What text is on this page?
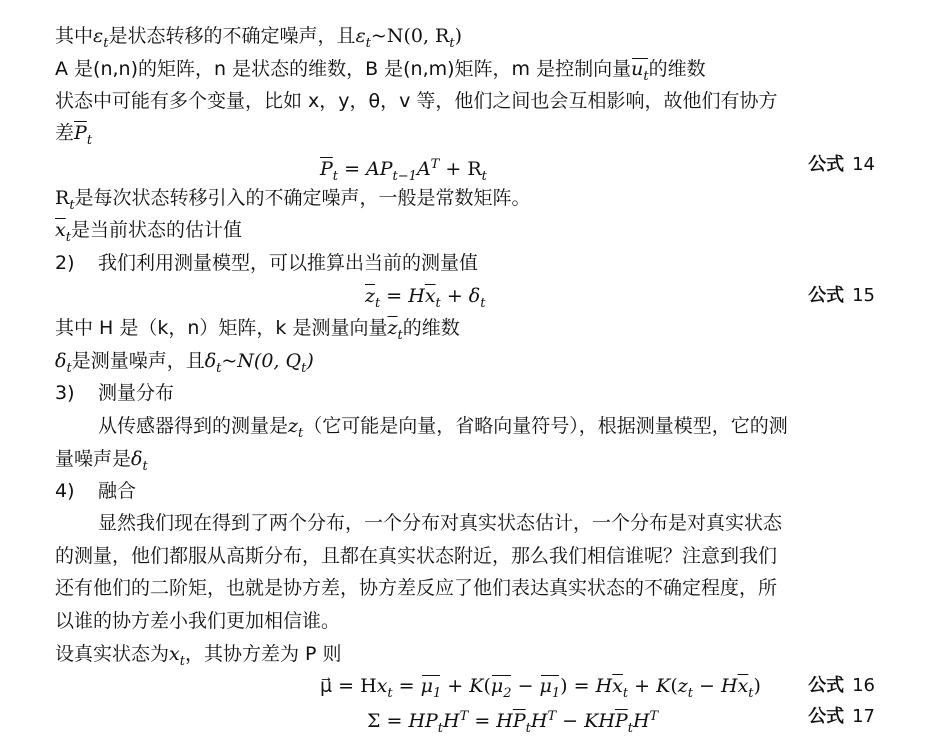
其中$\varepsilon_t$是状态转移的不确定噪声，且$\varepsilon_t\sim N(0$, $R_t$)
A 是(n,n)的矩阵，n 是状态的维数，B 是(n,m)矩阵，m 是控制向量$u_t$的维数
状态中可能有多个变量，比如 x，y，θ，v 等，他们之间也会互相影响，故他们有协方
差$\overline{P}_t$
$\overline{P}_t = AP_{t-1}A^T + R_t$
公式 14
$R_t$是每次状态转移引入的不确定噪声，一般是常数矩阵。
$\overline{x}_t$是当前状态的估计值
2) 我们利用测量模型，可以推算出当前的测量值
$\overline{z}_t = H\overline{x}_t + \delta_t$	公式 15
其中 H 是（k，n）矩阵，k 是测量向量$\overline{z}_t$的维数
$\delta_t$是测量噪声，且$\delta_t\sim N(0$, $Q_t$)
3) 测量分布
从传感器得到的测量是$z_t$（它可能是向量，省略向量符号），根据测量模型，它的测
量噪声是$\delta_t$
4) 融合
显然我们现在得到了两个分布，一个分布对真实状态估计，一个分布是对真实状态
的测量，他们都服从高斯分布，且都在真实状态附近，那么我们相信谁呢？注意到我们
还有他们的二阶矩，也就是协方差，协方差反应了他们表达真实状态的不确定程度，所
以谁的协方差小我们更加相信谁。
设真实状态为$x_t$，其协方差为 P 则
μ⃗ = $Hx_t = \mu_1 + K(\mu_2 - \mu_1) = H\overline{x}_t + K(z_t - H\overline{x}_t)$	公式 16
$\Sigma = HP_tH^T = H\overline{P}_tH^T - KH\overline{P}_tH^T$	公式 17
